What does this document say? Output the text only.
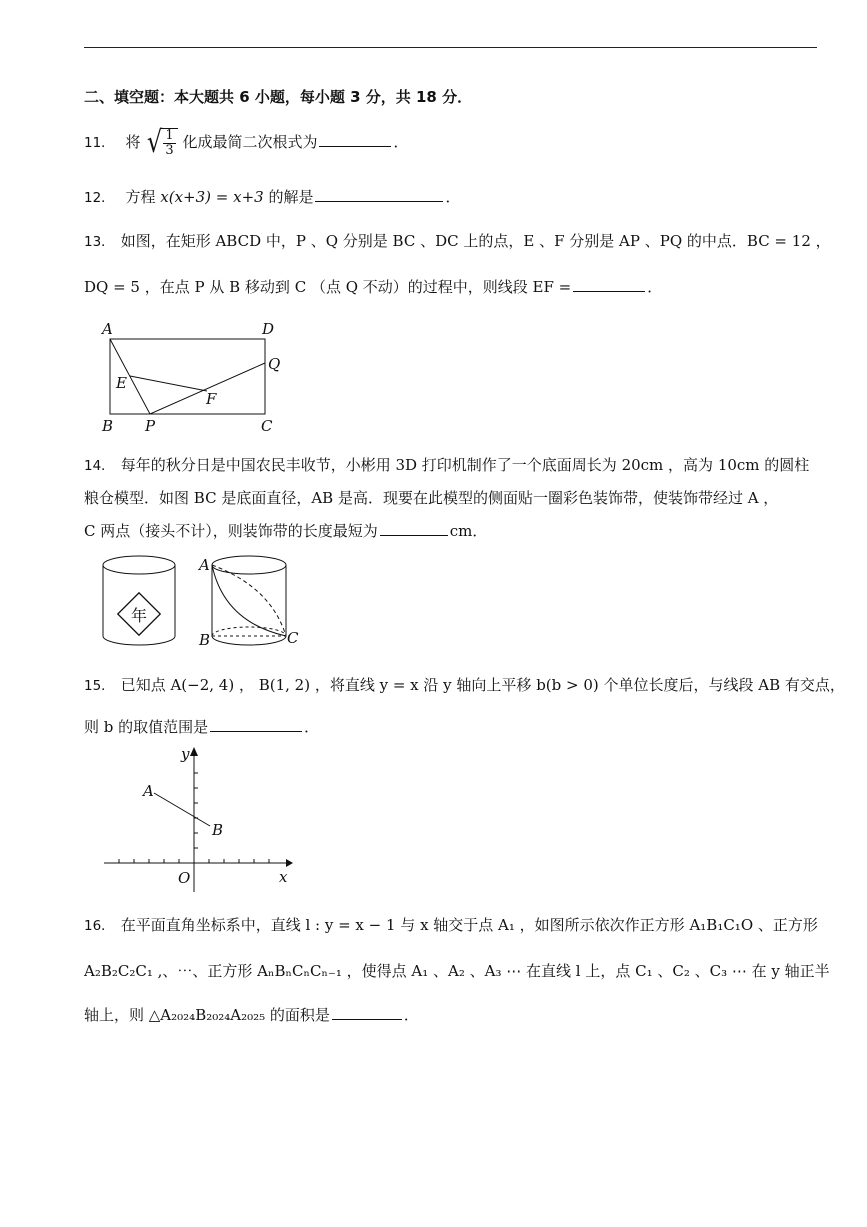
二、填空题：本大题共 6 小题，每小题 3 分，共 18 分．
11． 将 √ $\frac{1}{3}$ 化成最简二次根式为	．
12． 方程 x(x+3) = x+3 的解是	．
13． 如图，在矩形 ABCD 中，P 、Q 分别是 BC 、DC 上的点，E 、F 分别是 AP 、PQ 的中点．BC = 12 ，
DQ = 5 ，在点 P 从 B 移动到 C （点 Q 不动）的过程中，则线段 EF =	．
A	D
Q
E
F
B P	C
14． 每年的秋分日是中国农民丰收节，小彬用 3D 打印机制作了一个底面周长为 20cm ，高为 10cm 的圆柱
粮仓模型．如图 BC 是底面直径，AB 是高．现要在此模型的侧面贴一圈彩色装饰带，使装饰带经过 A ，
C 两点（接头不计），则装饰带的长度最短为	cm．
年
A
B	C
15． 已知点 A(−2, 4) ， B(1, 2) ，将直线 y = x 沿 y 轴向上平移 b(b > 0) 个单位长度后，与线段 AB 有交点，
则 b 的取值范围是	．
y
x
O
A
B
16． 在平面直角坐标系中，直线 l : y = x − 1 与 x 轴交于点 A₁ ，如图所示依次作正方形 A₁B₁C₁O 、正方形
A₂B₂C₂C₁ ,、⋯、正方形 AₙBₙCₙCₙ₋₁ ，使得点 A₁ 、A₂ 、A₃ ⋯ 在直线 l 上，点 C₁ 、C₂ 、C₃ ⋯ 在 y 轴正半
轴上，则 △A₂₀₂₄B₂₀₂₄A₂₀₂₅ 的面积是	．
